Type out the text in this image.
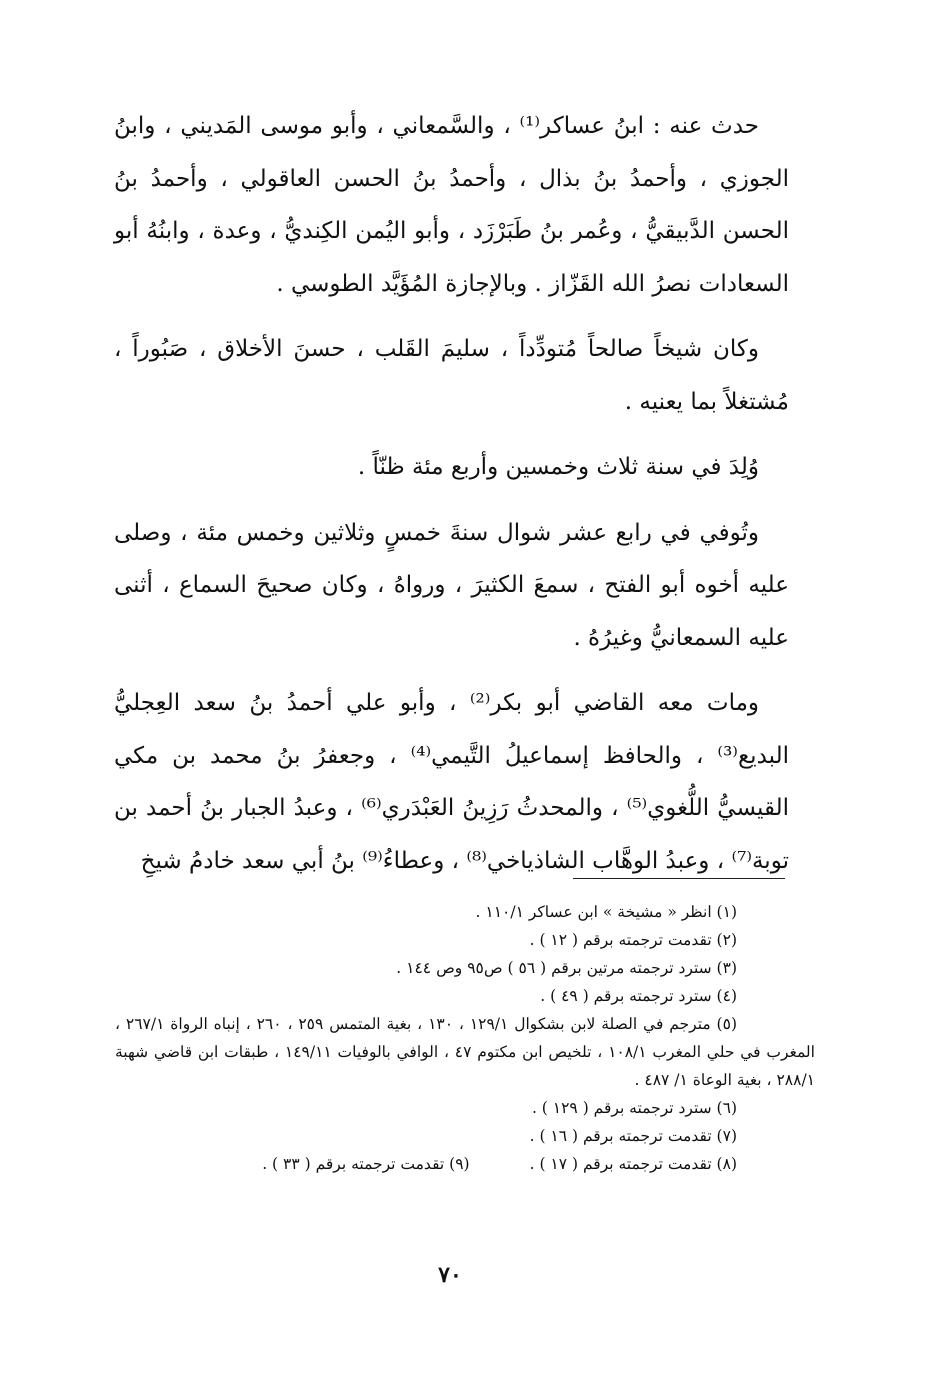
حدث عنه : ابنُ عساكر⁽¹⁾ ، والسَّمعاني ، وأبو موسى المَديني ، وابنُ الجوزي ، وأحمدُ بنُ بذال ، وأحمدُ بنُ الحسن العاقولي ، وأحمدُ بنُ الحسن الدَّبيقيُّ ، وعُمر بنُ طَبَرْزَد ، وأبو اليُمن الكِنديُّ ، وعدة ، وابنُهُ أبو السعادات نصرُ الله القَزّاز . وبالإجازة المُؤَيَّد الطوسي .

وكان شيخاً صالحاً مُتودِّداً ، سليمَ القَلب ، حسنَ الأخلاق ، صَبُوراً ، مُشتغلاً بما يعنيه .

وُلِدَ في سنة ثلاث وخمسين وأربع مئة ظنّاً .

وتُوفي في رابع عشر شوال سنةَ خمسٍ وثلاثين وخمس مئة ، وصلى عليه أخوه أبو الفتح ، سمعَ الكثيرَ ، ورواهُ ، وكان صحيحَ السماع ، أثنى عليه السمعانيُّ وغيرُهُ .

ومات معه القاضي أبو بكر⁽²⁾ ، وأبو علي أحمدُ بنُ سعد العِجليُّ البديع⁽³⁾ ، والحافظ إسماعيلُ التَّيمي⁽⁴⁾ ، وجعفرُ بنُ محمد بن مكي القيسيُّ اللُّغوي⁽⁵⁾ ، والمحدثُ رَزِينُ العَبْدَري⁽⁶⁾ ، وعبدُ الجبار بنُ أحمد بن توبة⁽⁷⁾ ، وعبدُ الوهَّاب الشاذياخي⁽⁸⁾ ، وعطاءُ⁽⁹⁾ بنُ أبي سعد خادمُ شيخِ

(١) انظر « مشيخة » ابن عساكر ١١٠/١ .

(٢) تقدمت ترجمته برقم ( ١٢ ) .

(٣) سترد ترجمته مرتين برقم ( ٥٦ ) ص٩٥ وص ١٤٤ .

(٤) سترد ترجمته برقم ( ٤٩ ) .

(٥) مترجم في الصلة لابن بشكوال ١٢٩/١ ، ١٣٠ ، بغية المتمس ٢٥٩ ، ٢٦٠ ، إنباه الرواة ٢٦٧/١ ، المغرب في حلي المغرب ١٠٨/١ ، تلخيص ابن مكتوم ٤٧ ، الوافي بالوفيات ١٤٩/١١ ، طبقات ابن قاضي شهبة ٢٨٨/١ ، بغية الوعاة ١/ ٤٨٧ .

(٦) سترد ترجمته برقم ( ١٢٩ ) .

(٧) تقدمت ترجمته برقم ( ١٦ ) .

(٨) تقدمت ترجمته برقم ( ١٧ ) .
(٩) تقدمت ترجمته برقم ( ٣٣ ) .
٧٠
